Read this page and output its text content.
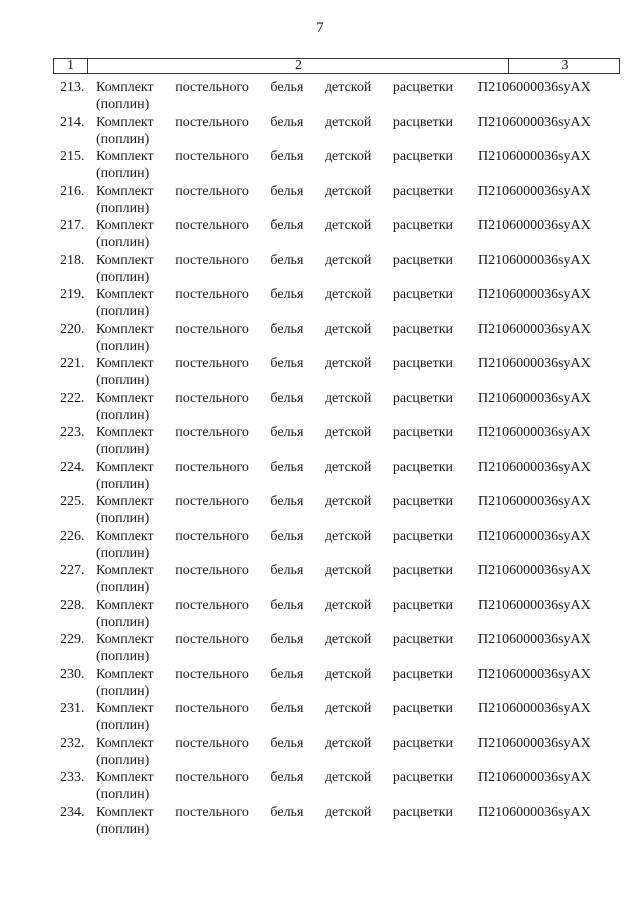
7
1	2	3
213. Комплект постельного белья детской расцветки
(поплин)
П2106000036syAX
214. Комплект постельного белья детской расцветки
(поплин)
П2106000036syAX
215. Комплект постельного белья детской расцветки
(поплин)
П2106000036syAX
216. Комплект постельного белья детской расцветки
(поплин)
П2106000036syAX
217. Комплект постельного белья детской расцветки
(поплин)
П2106000036syAX
218. Комплект постельного белья детской расцветки
(поплин)
П2106000036syAX
219. Комплект постельного белья детской расцветки
(поплин)
П2106000036syAX
220. Комплект постельного белья детской расцветки
(поплин)
П2106000036syAX
221. Комплект постельного белья детской расцветки
(поплин)
П2106000036syAX
222. Комплект постельного белья детской расцветки
(поплин)
П2106000036syAX
223. Комплект постельного белья детской расцветки
(поплин)
П2106000036syAX
224. Комплект постельного белья детской расцветки
(поплин)
П2106000036syAX
225. Комплект постельного белья детской расцветки
(поплин)
П2106000036syAX
226. Комплект постельного белья детской расцветки
(поплин)
П2106000036syAX
227. Комплект постельного белья детской расцветки
(поплин)
П2106000036syAX
228. Комплект постельного белья детской расцветки
(поплин)
П2106000036syAX
229. Комплект постельного белья детской расцветки
(поплин)
П2106000036syAX
230. Комплект постельного белья детской расцветки
(поплин)
П2106000036syAX
231. Комплект постельного белья детской расцветки
(поплин)
П2106000036syAX
232. Комплект постельного белья детской расцветки
(поплин)
П2106000036syAX
233. Комплект постельного белья детской расцветки
(поплин)
П2106000036syAX
234. Комплект постельного белья детской расцветки
(поплин)
П2106000036syAX
